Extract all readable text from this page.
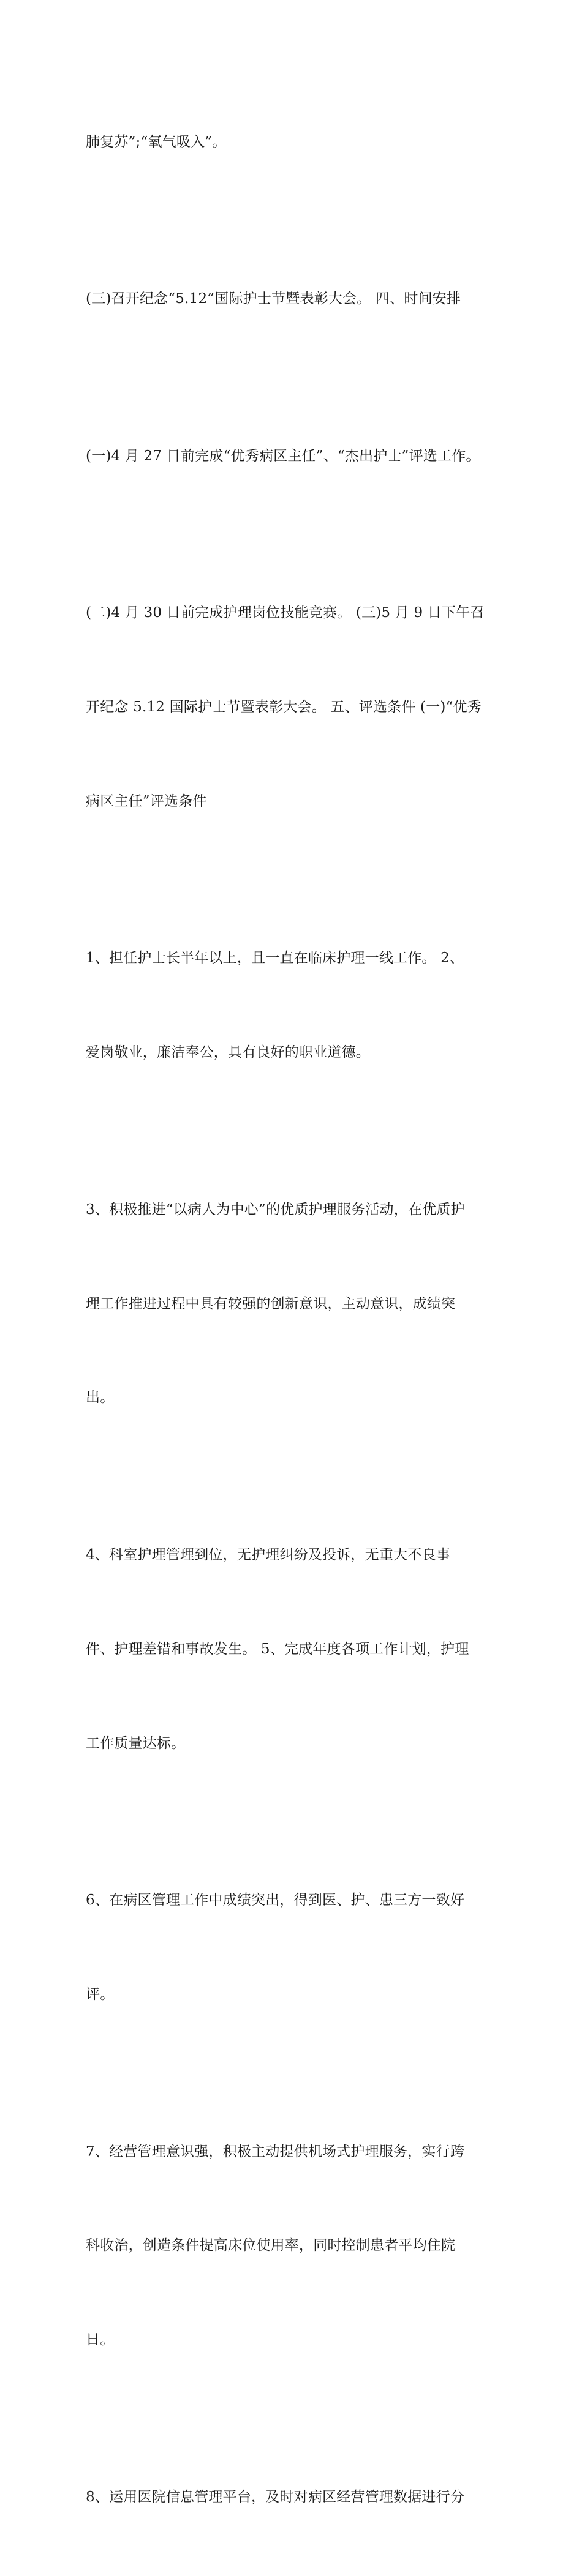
肺复苏”;“氧气吸入”。

(三)召开纪念“5.12”国际护士节暨表彰大会。 四、时间安排

(一)4 月 27 日前完成“优秀病区主任”、“杰出护士”评选工作。

(二)4 月 30 日前完成护理岗位技能竞赛。 (三)5 月 9 日下午召

开纪念 5.12 国际护士节暨表彰大会。 五、评选条件 (一)“优秀

病区主任”评选条件

1、担任护士长半年以上，且一直在临床护理一线工作。 2、

爱岗敬业，廉洁奉公，具有良好的职业道德。

3、积极推进“以病人为中心”的优质护理服务活动，在优质护

理工作推进过程中具有较强的创新意识，主动意识，成绩突

出。

4、科室护理管理到位，无护理纠纷及投诉，无重大不良事

件、护理差错和事故发生。 5、完成年度各项工作计划，护理

工作质量达标。

6、在病区管理工作中成绩突出，得到医、护、患三方一致好

评。

7、经营管理意识强，积极主动提供机场式护理服务，实行跨

科收治，创造条件提高床位使用率，同时控制患者平均住院

日。

8、运用医院信息管理平台，及时对病区经营管理数据进行分
